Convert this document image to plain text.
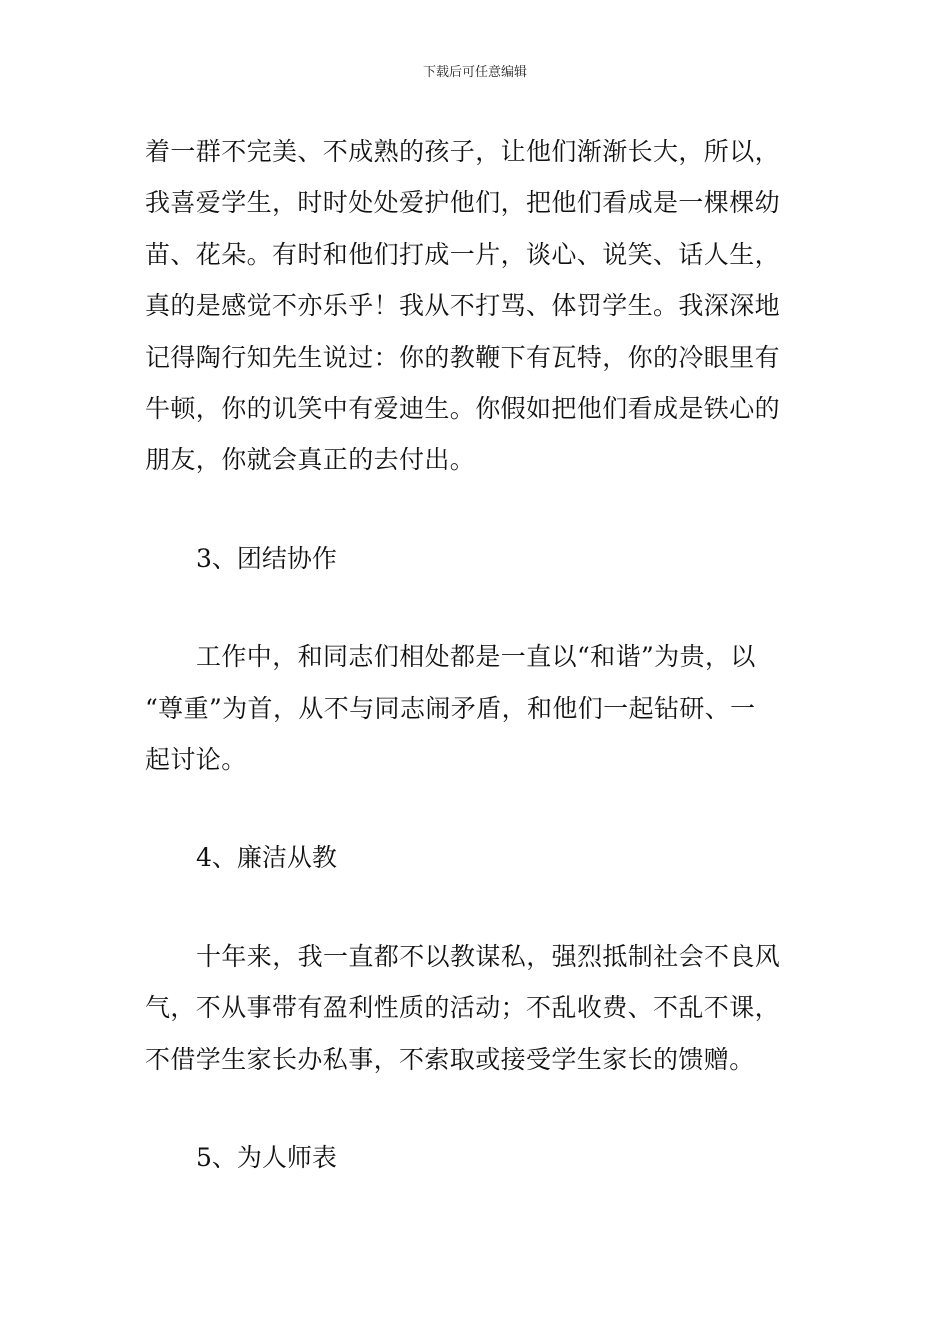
下载后可任意编辑

着一群不完美、不成熟的孩子，让他们渐渐长大，所以，
我喜爱学生，时时处处爱护他们，把他们看成是一棵棵幼
苗、花朵。有时和他们打成一片，谈心、说笑、话人生，
真的是感觉不亦乐乎！我从不打骂、体罚学生。我深深地
记得陶行知先生说过：你的教鞭下有瓦特，你的冷眼里有
牛顿，你的讥笑中有爱迪生。你假如把他们看成是铁心的
朋友，你就会真正的去付出。

3、团结协作

工作中，和同志们相处都是一直以“和谐”为贵，以
“尊重”为首，从不与同志闹矛盾，和他们一起钻研、一
起讨论。

4、廉洁从教

十年来，我一直都不以教谋私，强烈抵制社会不良风
气，不从事带有盈利性质的活动；不乱收费、不乱不课，
不借学生家长办私事，不索取或接受学生家长的馈赠。

5、为人师表
